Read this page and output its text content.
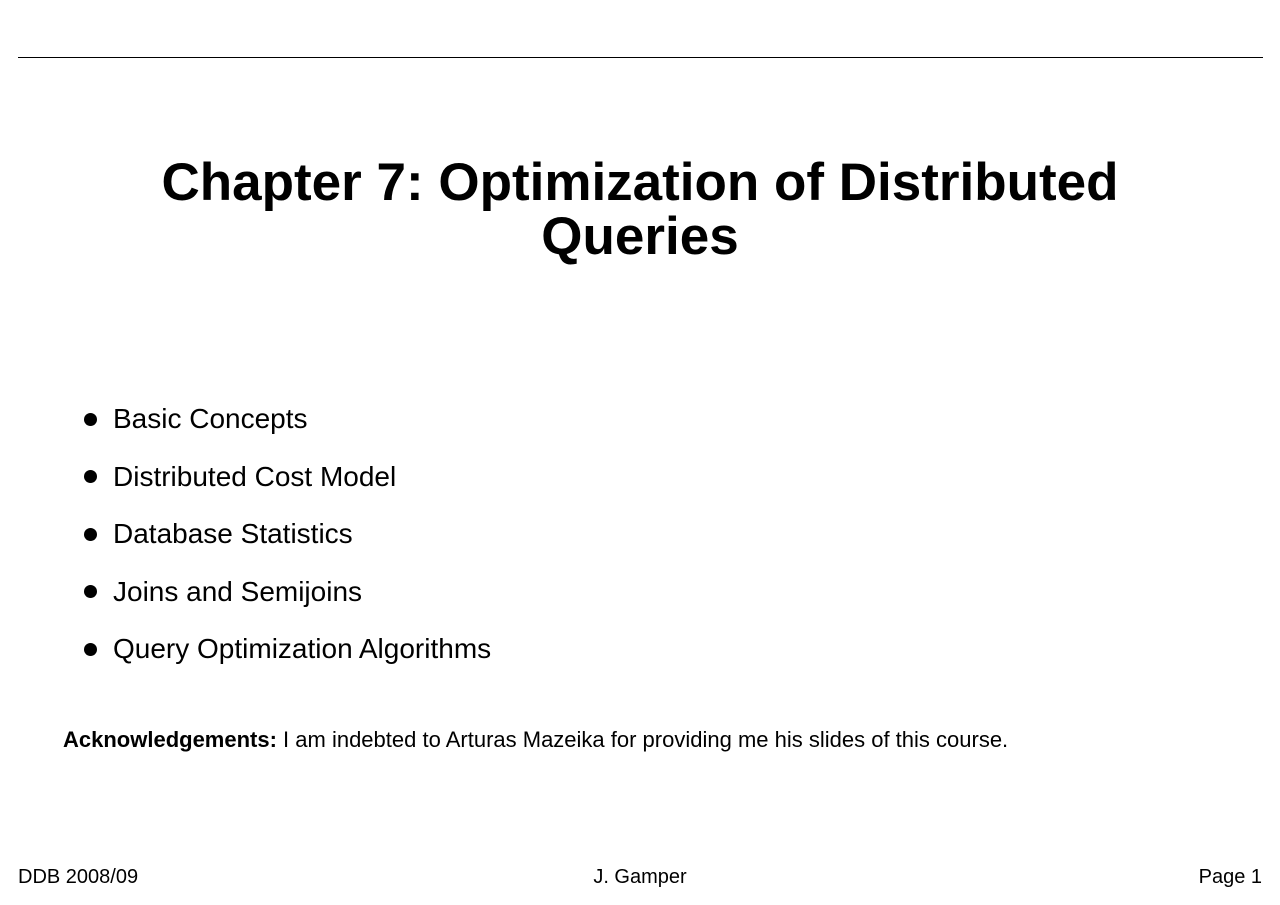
Chapter 7: Optimization of Distributed
Queries
Basic Concepts
Distributed Cost Model
Database Statistics
Joins and Semijoins
Query Optimization Algorithms
Acknowledgements: I am indebted to Arturas Mazeika for providing me his slides of this course.
DDB 2008/09	J. Gamper	Page 1
